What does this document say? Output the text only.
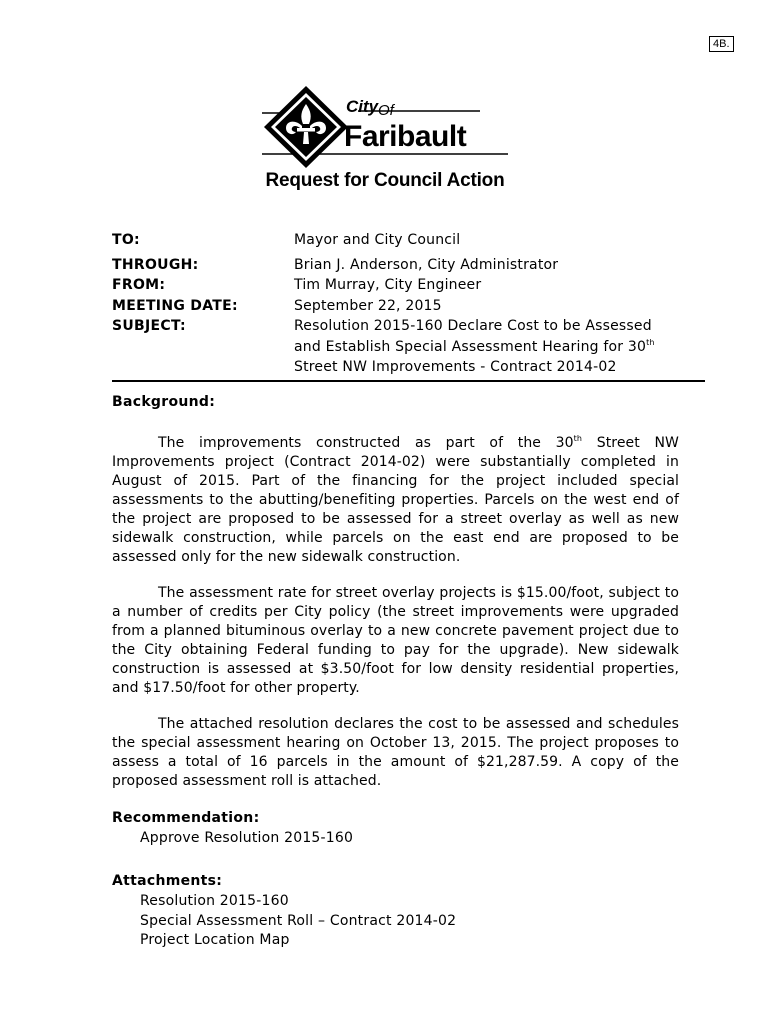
4B.
City Of
Faribault
Request for Council Action
TO:	Mayor and City Council
THROUGH:	Brian J. Anderson, City Administrator
FROM:	Tim Murray, City Engineer
MEETING DATE:	September 22, 2015
SUBJECT:	Resolution 2015-160 Declare Cost to be Assessed
and Establish Special Assessment Hearing for 30th
Street NW Improvements - Contract 2014-02
Background:

The improvements constructed as part of the 30th Street NW Improvements project (Contract 2014-02) were substantially completed in August of 2015. Part of the financing for the project included special assessments to the abutting/benefiting properties. Parcels on the west end of the project are proposed to be assessed for a street overlay as well as new sidewalk construction, while parcels on the east end are proposed to be assessed only for the new sidewalk construction.

The assessment rate for street overlay projects is $15.00/foot, subject to a number of credits per City policy (the street improvements were upgraded from a planned bituminous overlay to a new concrete pavement project due to the City obtaining Federal funding to pay for the upgrade). New sidewalk construction is assessed at $3.50/foot for low density residential properties, and $17.50/foot for other property.

The attached resolution declares the cost to be assessed and schedules the special assessment hearing on October 13, 2015. The project proposes to assess a total of 16 parcels in the amount of $21,287.59. A copy of the proposed assessment roll is attached.

Recommendation:
Approve Resolution 2015-160
Attachments:
Resolution 2015-160
Special Assessment Roll – Contract 2014-02
Project Location Map
